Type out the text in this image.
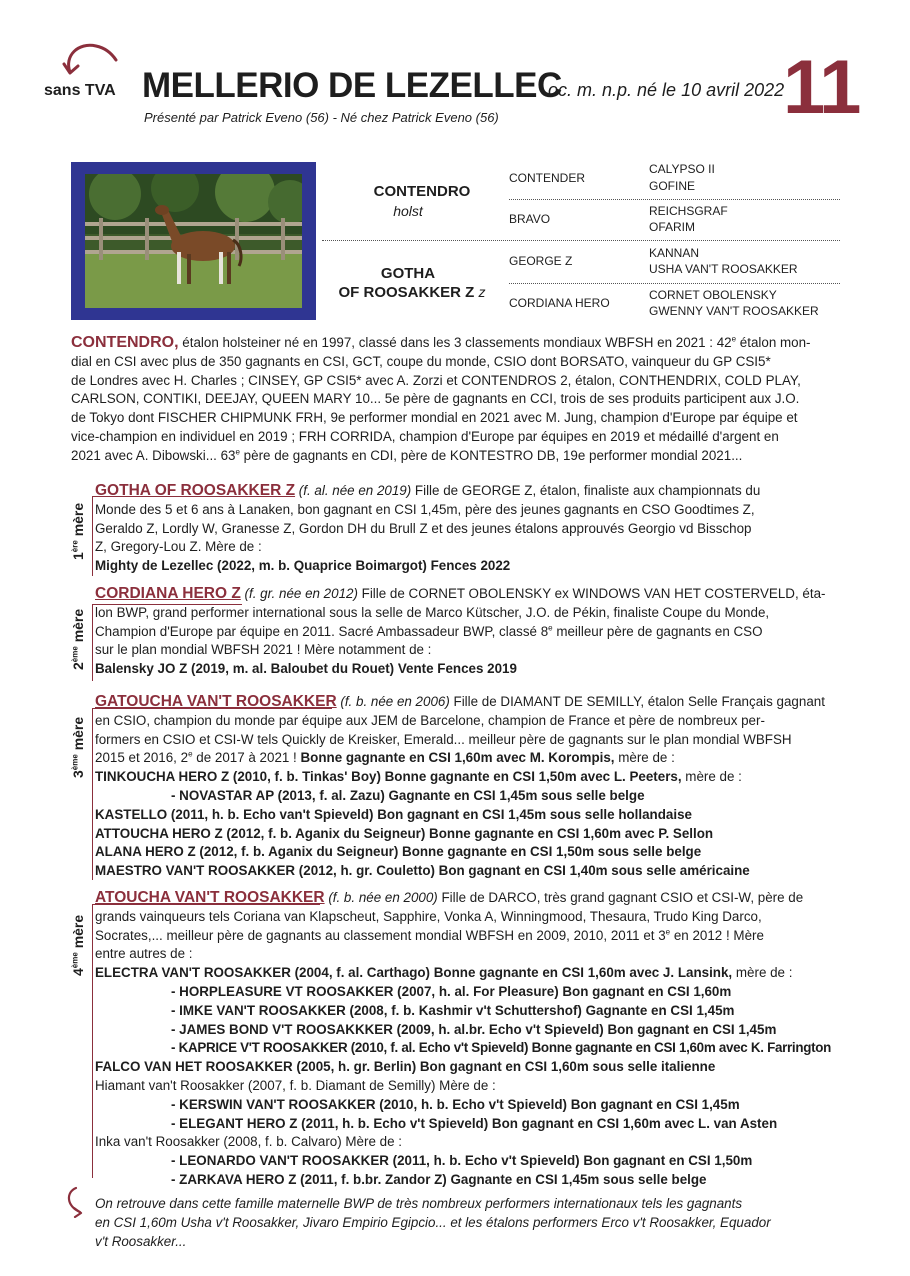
sans TVA MELLERIO DE LEZELLEC
oc. m. n.p. né le 10 avril 2022
11
Présenté par Patrick Eveno (56) - Né chez Patrick Eveno (56)
CONTENDRO
holst
GOTHA
OF ROOSAKKER Z z
CONTENDER
BRAVO
GEORGE Z
CORDIANA HERO
CALYPSO II
GOFINE
REICHSGRAF
OFARIM
KANNAN
USHA VAN'T ROOSAKKER
CORNET OBOLENSKY
GWENNY VAN'T ROOSAKKER
CONTENDRO, étalon holsteiner né en 1997, classé dans les 3 classements mondiaux WBFSH en 2021 : 42e étalon mon-
dial en CSI avec plus de 350 gagnants en CSI, GCT, coupe du monde, CSIO dont BORSATO, vainqueur du GP CSI5*
de Londres avec H. Charles ; CINSEY, GP CSI5* avec A. Zorzi et CONTENDROS 2, étalon, CONTHENDRIX, COLD PLAY,
CARLSON, CONTIKI, DEEJAY, QUEEN MARY 10... 5e père de gagnants en CCI, trois de ses produits participent aux J.O.
de Tokyo dont FISCHER CHIPMUNK FRH, 9e performer mondial en 2021 avec M. Jung, champion d'Europe par équipe et
vice-champion en individuel en 2019 ; FRH CORRIDA, champion d'Europe par équipes en 2019 et médaillé d'argent en
2021 avec A. Dibowski... 63e père de gagnants en CDI, père de KONTESTRO DB, 19e performer mondial 2021...
1ère mère
GOTHA OF ROOSAKKER Z (f. al. née en 2019) Fille de GEORGE Z, étalon, finaliste aux championnats du
Monde des 5 et 6 ans à Lanaken, bon gagnant en CSI 1,45m, père des jeunes gagnants en CSO Goodtimes Z,
Geraldo Z, Lordly W, Granesse Z, Gordon DH du Brull Z et des jeunes étalons approuvés Georgio vd Bisschop
Z, Gregory-Lou Z. Mère de :
Mighty de Lezellec (2022, m. b. Quaprice Boimargot) Fences 2022
2ème mère
CORDIANA HERO Z (f. gr. née en 2012) Fille de CORNET OBOLENSKY ex WINDOWS VAN HET COSTERVELD, éta-
lon BWP, grand performer international sous la selle de Marco Kütscher, J.O. de Pékin, finaliste Coupe du Monde,
Champion d'Europe par équipe en 2011. Sacré Ambassadeur BWP, classé 8e meilleur père de gagnants en CSO
sur le plan mondial WBFSH 2021 ! Mère notamment de :
Balensky JO Z (2019, m. al. Baloubet du Rouet) Vente Fences 2019
3ème mère
GATOUCHA VAN'T ROOSAKKER (f. b. née en 2006) Fille de DIAMANT DE SEMILLY, étalon Selle Français gagnant
en CSIO, champion du monde par équipe aux JEM de Barcelone, champion de France et père de nombreux per-
formers en CSIO et CSI-W tels Quickly de Kreisker, Emerald... meilleur père de gagnants sur le plan mondial WBFSH
2015 et 2016, 2e de 2017 à 2021 ! Bonne gagnante en CSI 1,60m avec M. Korompis, mère de :
TINKOUCHA HERO Z (2010, f. b. Tinkas' Boy) Bonne gagnante en CSI 1,50m avec L. Peeters, mère de :
- NOVASTAR AP (2013, f. al. Zazu) Gagnante en CSI 1,45m sous selle belge
KASTELLO (2011, h. b. Echo van't Spieveld) Bon gagnant en CSI 1,45m sous selle hollandaise
ATTOUCHA HERO Z (2012, f. b. Aganix du Seigneur) Bonne gagnante en CSI 1,60m avec P. Sellon
ALANA HERO Z (2012, f. b. Aganix du Seigneur) Bonne gagnante en CSI 1,50m sous selle belge
MAESTRO VAN'T ROOSAKKER (2012, h. gr. Couletto) Bon gagnant en CSI 1,40m sous selle américaine
4ème mère
ATOUCHA VAN'T ROOSAKKER (f. b. née en 2000) Fille de DARCO, très grand gagnant CSIO et CSI-W, père de
grands vainqueurs tels Coriana van Klapscheut, Sapphire, Vonka A, Winningmood, Thesaura, Trudo King Darco,
Socrates,... meilleur père de gagnants au classement mondial WBFSH en 2009, 2010, 2011 et 3e en 2012 ! Mère
entre autres de :
ELECTRA VAN'T ROOSAKKER (2004, f. al. Carthago) Bonne gagnante en CSI 1,60m avec J. Lansink, mère de :
- HORPLEASURE VT ROOSAKKER (2007, h. al. For Pleasure) Bon gagnant en CSI 1,60m
- IMKE VAN'T ROOSAKKER (2008, f. b. Kashmir v't Schuttershof) Gagnante en CSI 1,45m
- JAMES BOND V'T ROOSAKKKER (2009, h. al.br. Echo v't Spieveld) Bon gagnant en CSI 1,45m
- KAPRICE V'T ROOSAKKER (2010, f. al. Echo v't Spieveld) Bonne gagnante en CSI 1,60m avec K. Farrington
FALCO VAN HET ROOSAKKER (2005, h. gr. Berlin) Bon gagnant en CSI 1,60m sous selle italienne
Hiamant van't Roosakker (2007, f. b. Diamant de Semilly) Mère de :
- KERSWIN VAN'T ROOSAKKER (2010, h. b. Echo v't Spieveld) Bon gagnant en CSI 1,45m
- ELEGANT HERO Z (2011, h. b. Echo v't Spieveld) Bon gagnant en CSI 1,60m avec L. van Asten
Inka van't Roosakker (2008, f. b. Calvaro) Mère de :
- LEONARDO VAN'T ROOSAKKER (2011, h. b. Echo v't Spieveld) Bon gagnant en CSI 1,50m
- ZARKAVA HERO Z (2011, f. b.br. Zandor Z) Gagnante en CSI 1,45m sous selle belge
On retrouve dans cette famille maternelle BWP de très nombreux performers internationaux tels les gagnants
en CSI 1,60m Usha v't Roosakker, Jivaro Empirio Egipcio... et les étalons performers Erco v't Roosakker, Equador
v't Roosakker...
